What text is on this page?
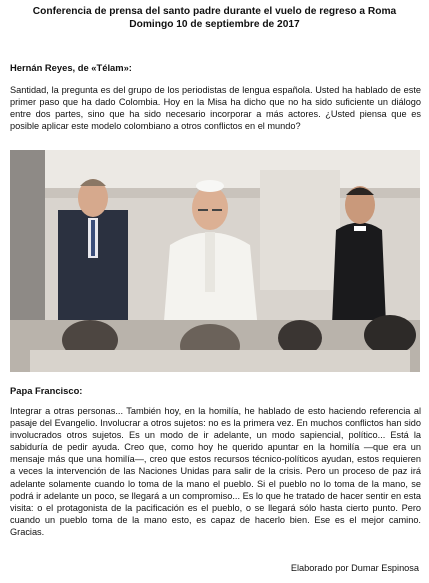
Conferencia de prensa del santo padre durante el vuelo de regreso a Roma
Domingo 10 de septiembre de 2017
Hernán Reyes, de «Télam»:
Santidad, la pregunta es del grupo de los periodistas de lengua española. Usted ha hablado de este primer paso que ha dado Colombia. Hoy en la Misa ha dicho que no ha sido suficiente un diálogo entre dos partes, sino que ha sido necesario incorporar a más actores. ¿Usted piensa que es posible aplicar este modelo colombiano a otros conflictos en el mundo?
Papa Francisco:
Integrar a otras personas... También hoy, en la homilía, he hablado de esto haciendo referencia al pasaje del Evangelio. Involucrar a otros sujetos: no es la primera vez. En muchos conflictos han sido involucrados otros sujetos. Es un modo de ir adelante, un modo sapiencial, político... Está la sabiduría de pedir ayuda. Creo que, como hoy he querido apuntar en la homilía —que era un mensaje más que una homilía—, creo que estos recursos técnico-políticos ayudan, estos requieren a veces la intervención de las Naciones Unidas para salir de la crisis. Pero un proceso de paz irá adelante solamente cuando lo toma de la mano el pueblo. Si el pueblo no lo toma de la mano, se podrá ir adelante un poco, se llegará a un compromiso... Es lo que he tratado de hacer sentir en esta visita: o el protagonista de la pacificación es el pueblo, o se llegará sólo hasta cierto punto. Pero cuando un pueblo toma de la mano esto, es capaz de hacerlo bien. Ese es el mejor camino. Gracias.
Elaborado por Dumar Espinosa
